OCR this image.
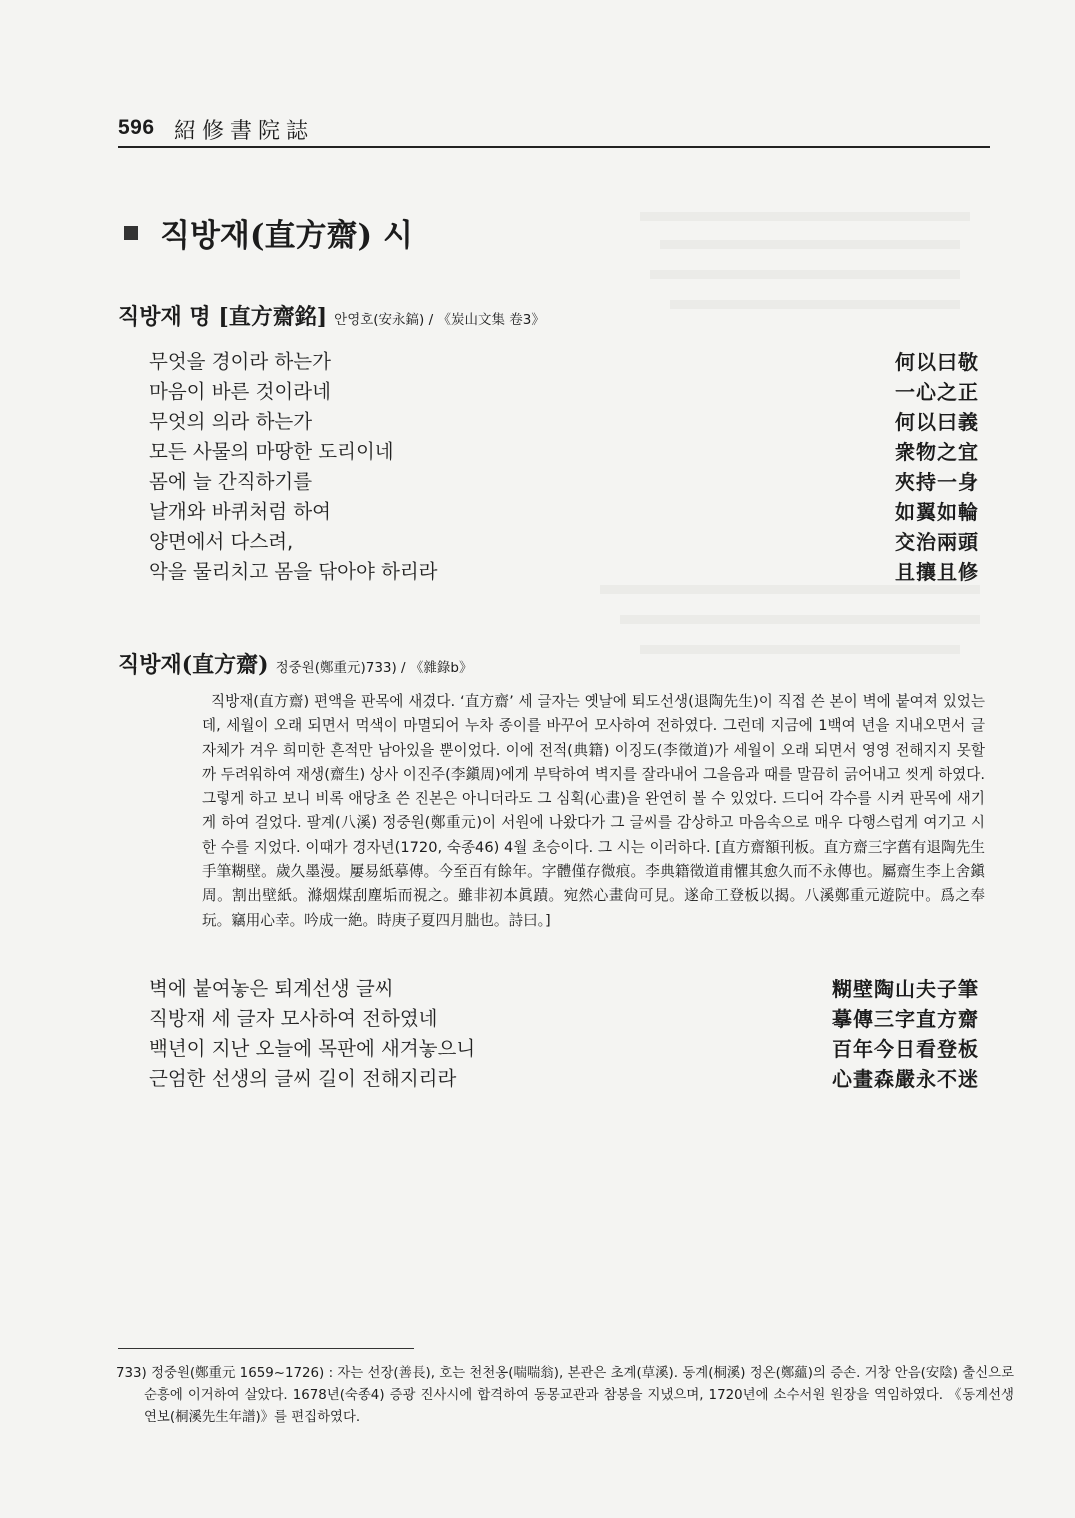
596 紹修書院誌
직방재(直方齋) 시
직방재 명 [直方齋銘] 안영호(安永鎬) / 《炭山文集 卷3》
무엇을 경이라 하는가	何以曰敬
마음이 바른 것이라네	一心之正
무엇의 의라 하는가	何以曰義
모든 사물의 마땅한 도리이네	衆物之宜
몸에 늘 간직하기를	夾持一身
날개와 바퀴처럼 하여	如翼如輪
양면에서 다스려,	交治兩頭
악을 물리치고 몸을 닦아야 하리라	且攘且修
직방재(直方齋) 정중원(鄭重元)733) / 《雜錄b》

직방재(直方齋) 편액을 판목에 새겼다. ‘直方齋’ 세 글자는 옛날에 퇴도선생(退陶先生)이 직접 쓴 본이 벽에 붙여져 있었는데, 세월이 오래 되면서 먹색이 마멸되어 누차 종이를 바꾸어 모사하여 전하였다. 그런데 지금에 1백여 년을 지내오면서 글자체가 겨우 희미한 흔적만 남아있을 뿐이었다. 이에 전적(典籍) 이징도(李徵道)가 세월이 오래 되면서 영영 전해지지 못할까 두려워하여 재생(齋生) 상사 이진주(李鎭周)에게 부탁하여 벽지를 잘라내어 그을음과 때를 말끔히 긁어내고 씻게 하였다. 그렇게 하고 보니 비록 애당초 쓴 진본은 아니더라도 그 심획(心畫)을 완연히 볼 수 있었다. 드디어 각수를 시켜 판목에 새기게 하여 걸었다. 팔계(八溪) 정중원(鄭重元)이 서원에 나왔다가 그 글씨를 감상하고 마음속으로 매우 다행스럽게 여기고 시 한 수를 지었다. 이때가 경자년(1720, 숙종46) 4월 초승이다. 그 시는 이러하다. [直方齋額刊板。直方齋三字舊有退陶先生手筆糊壁。歲久墨漫。屢易紙摹傳。今至百有餘年。字體僅存微痕。李典籍徵道甫懼其愈久而不永傳也。屬齋生李上舍鎭周。割出壁紙。滌烟煤刮塵垢而視之。雖非初本眞蹟。宛然心畫尙可見。遂命工登板以揭。八溪鄭重元遊院中。爲之奉玩。竊用心幸。吟成一絶。時庚子夏四月朏也。詩曰。]

벽에 붙여놓은 퇴계선생 글씨	糊壁陶山夫子筆
직방재 세 글자 모사하여 전하였네	摹傳三字直方齋
백년이 지난 오늘에 목판에 새겨놓으니	百年今日看登板
근엄한 선생의 글씨 길이 전해지리라	心畫森嚴永不迷

733) 정중원(鄭重元 1659~1726) : 자는 선장(善長), 호는 천천옹(喘喘翁), 본관은 초계(草溪). 동계(桐溪) 정온(鄭蘊)의 증손. 거창 안음(安陰) 출신으로 순흥에 이거하여 살았다. 1678년(숙종4) 증광 진사시에 합격하여 동몽교관과 참봉을 지냈으며, 1720년에 소수서원 원장을 역임하였다. 《동계선생연보(桐溪先生年譜)》를 편집하였다.
